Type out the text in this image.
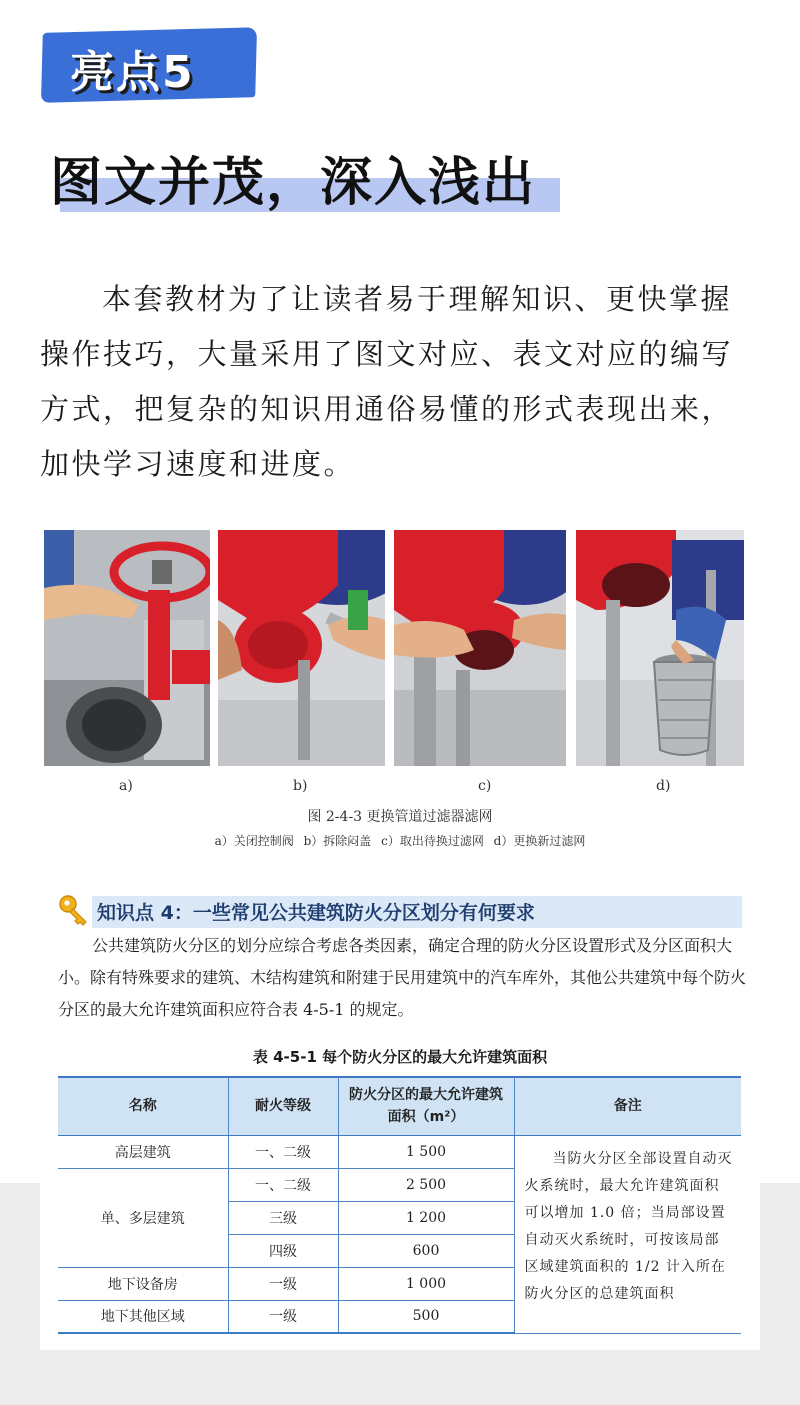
亮点5
图文并茂，深入浅出
本套教材为了让读者易于理解知识、更快掌握操作技巧，大量采用了图文对应、表文对应的编写方式，把复杂的知识用通俗易懂的形式表现出来，加快学习速度和进度。
a)	b)	c)	d)
图 2-4-3 更换管道过滤器滤网
a）关闭控制阀 b）拆除闷盖 c）取出待换过滤网 d）更换新过滤网
知识点 4：一些常见公共建筑防火分区划分有何要求
公共建筑防火分区的划分应综合考虑各类因素，确定合理的防火分区设置形式及分区面积大小。除有特殊要求的建筑、木结构建筑和附建于民用建筑中的汽车库外，其他公共建筑中每个防火分区的最大允许建筑面积应符合表 4-5-1 的规定。
表 4-5-1 每个防火分区的最大允许建筑面积
名称	耐火等级	防火分区的最大允许建筑面积（m²）	备注
高层建筑	一、二级	1 500	当防火分区全部设置自动灭火系统时，最大允许建筑面积可以增加 1.0 倍；当局部设置自动灭火系统时，可按该局部区域建筑面积的 1/2 计入所在防火分区的总建筑面积
单、多层建筑	一、二级	2 500	
	三级	1 200	
	四级	600	
地下设备房	一级	1 000	
地下其他区域	一级	500	
